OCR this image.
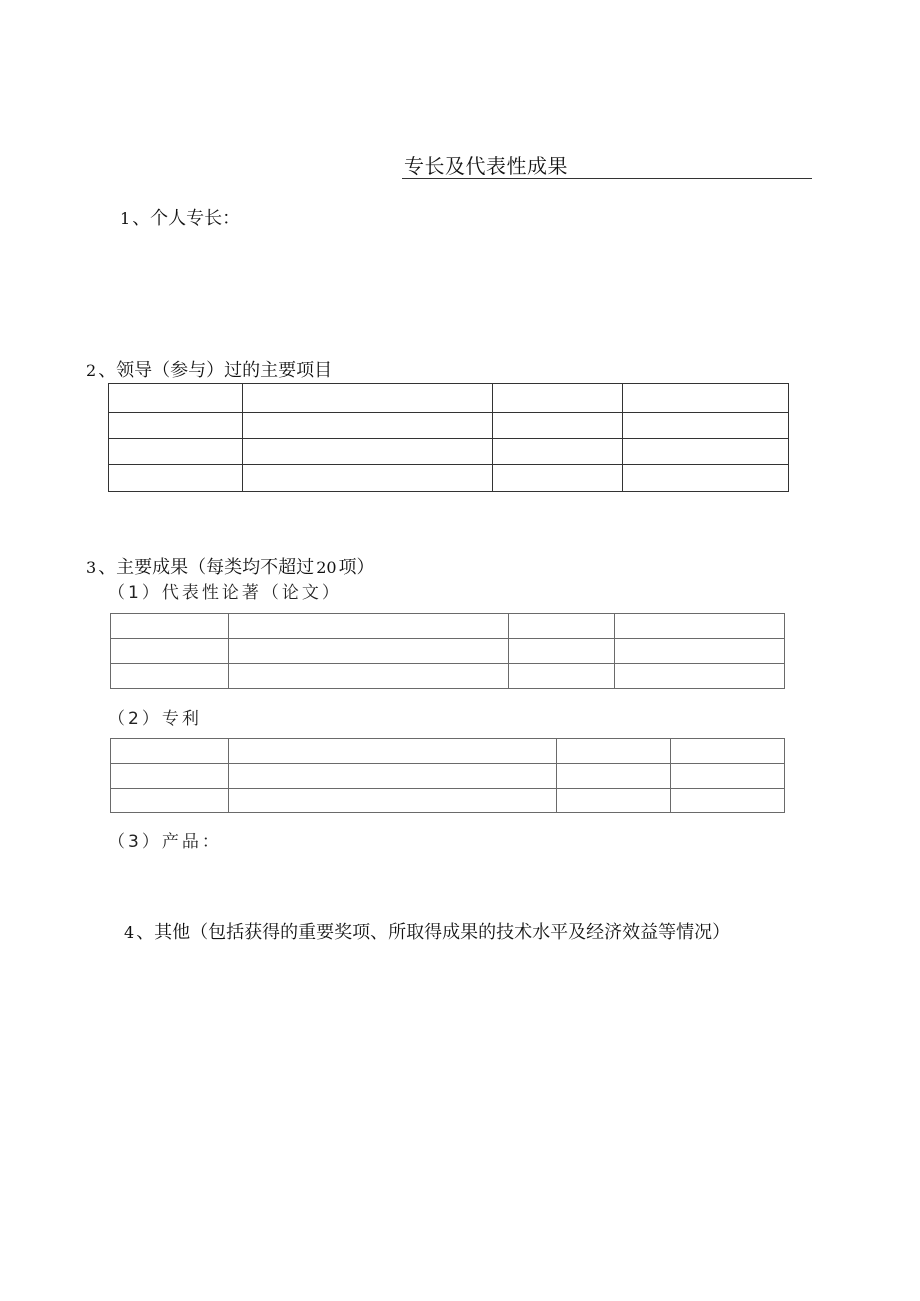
专长及代表性成果
1 、个人专长：
2 、领导（参与）过的主要项目

3 、主要成果（每类均不超过 20 项）
（1）代表性论著（论文）

（2）专利

（3）产品：
4 、其他（包括获得的重要奖项、所取得成果的技术水平及经济效益等情况）
